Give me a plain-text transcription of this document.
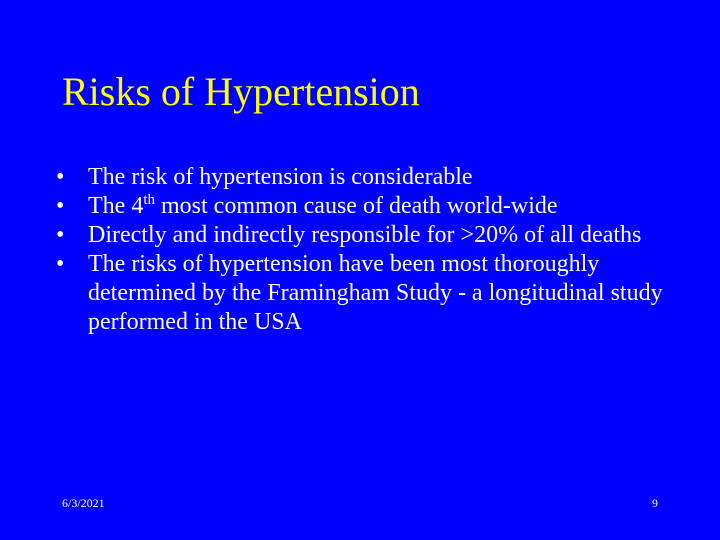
Risks of Hypertension
• The risk of hypertension is considerable
• The 4th most common cause of death world-wide
• Directly and indirectly responsible for >20% of all deaths
• The risks of hypertension have been most thoroughly determined by the Framingham Study - a longitudinal study performed in the USA
6/3/2021	9
